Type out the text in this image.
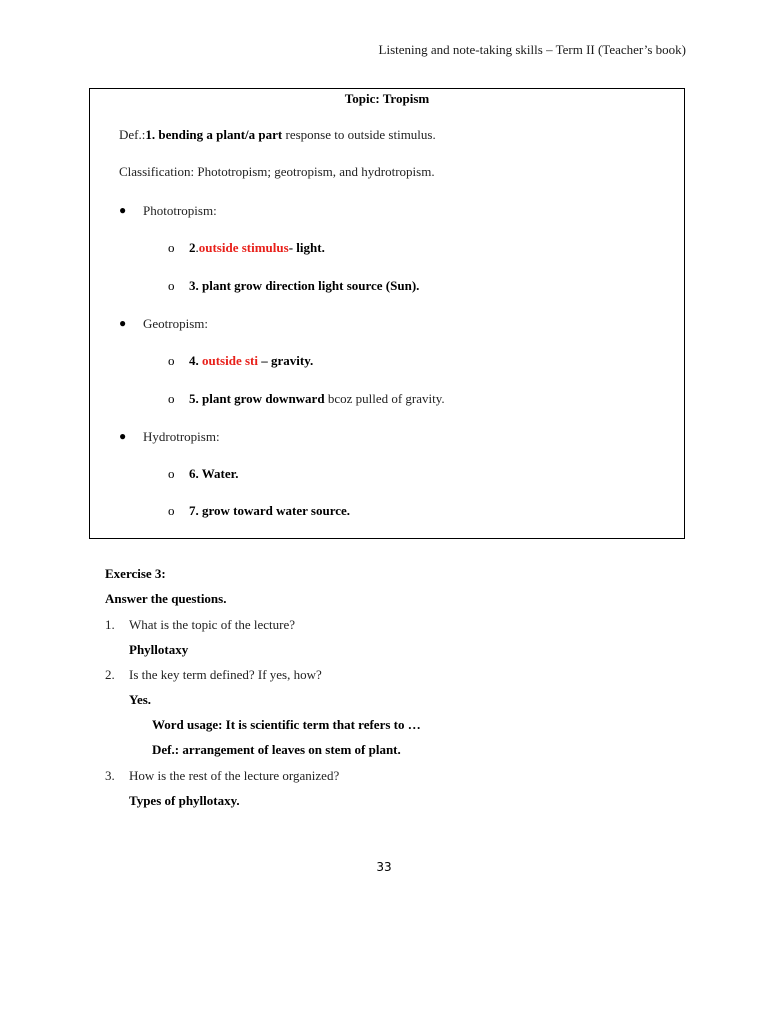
Listening and note-taking skills – Term II (Teacher’s book)
Topic: Tropism
Def.:1. bending a plant/a part response to outside stimulus.
Classification: Phototropism; geotropism, and hydrotropism.
● Phototropism:
o 2.outside stimulus- light.
o 3. plant grow direction light source (Sun).
● Geotropism:
o 4. outside sti – gravity.
o 5. plant grow downward bcoz pulled of gravity.
● Hydrotropism:
o 6. Water.
o 7. grow toward water source.
Exercise 3:
Answer the questions.
1. What is the topic of the lecture?
Phyllotaxy
2. Is the key term defined? If yes, how?
Yes.
Word usage: It is scientific term that refers to …
Def.: arrangement of leaves on stem of plant.
3. How is the rest of the lecture organized?
Types of phyllotaxy.
33
